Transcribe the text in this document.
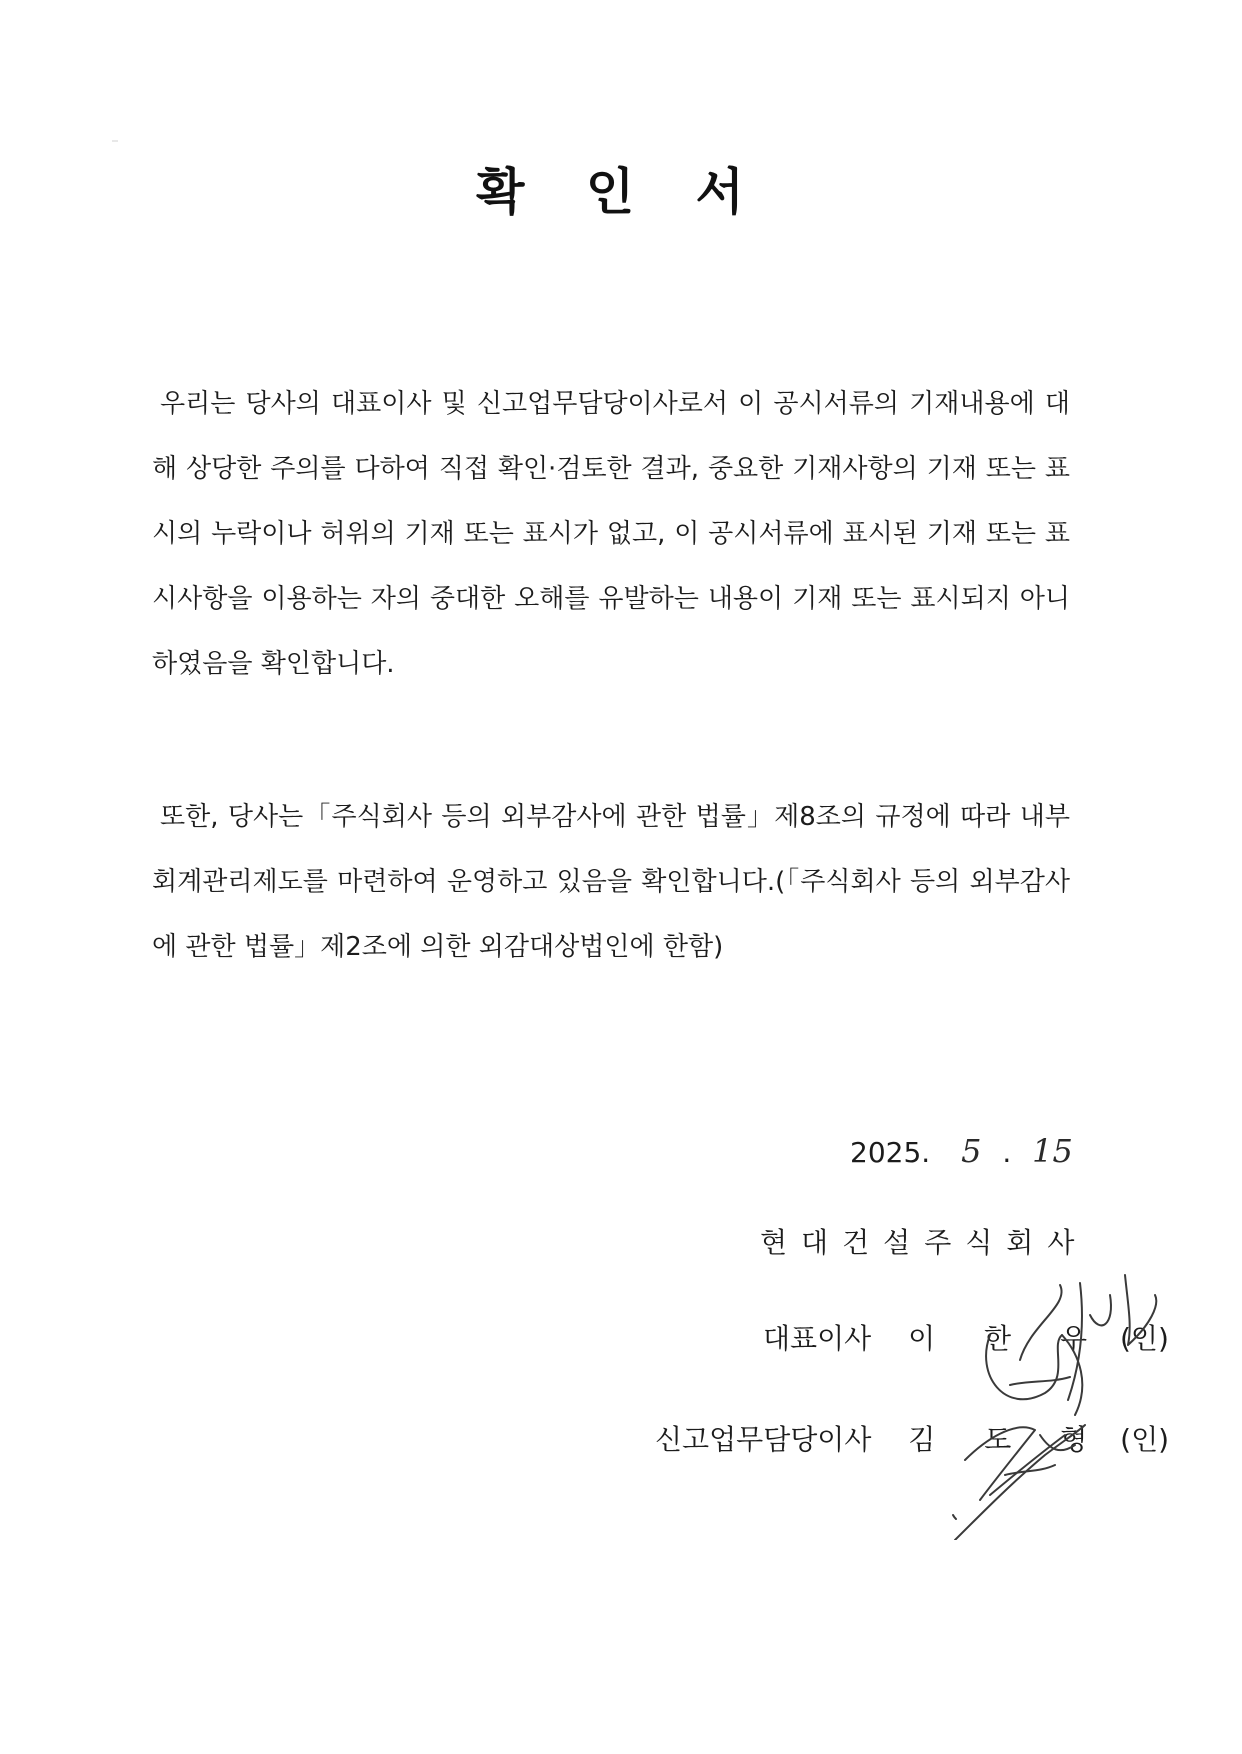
확 인 서
우리는 당사의 대표이사 및 신고업무담당이사로서 이 공시서류의 기재내용에 대해 상당한 주의를 다하여 직접 확인·검토한 결과, 중요한 기재사항의 기재 또는 표시의 누락이나 허위의 기재 또는 표시가 없고, 이 공시서류에 표시된 기재 또는 표시사항을 이용하는 자의 중대한 오해를 유발하는 내용이 기재 또는 표시되지 아니하였음을 확인합니다.
또한, 당사는「주식회사 등의 외부감사에 관한 법률」제8조의 규정에 따라 내부회계관리제도를 마련하여 운영하고 있음을 확인합니다.(「주식회사 등의 외부감사에 관한 법률」제2조에 의한 외감대상법인에 한함)
2025. 5 . 15
현대건설주식회사
대표이사 이 한 우 (인)
신고업무담당이사 김 도 형 (인)
